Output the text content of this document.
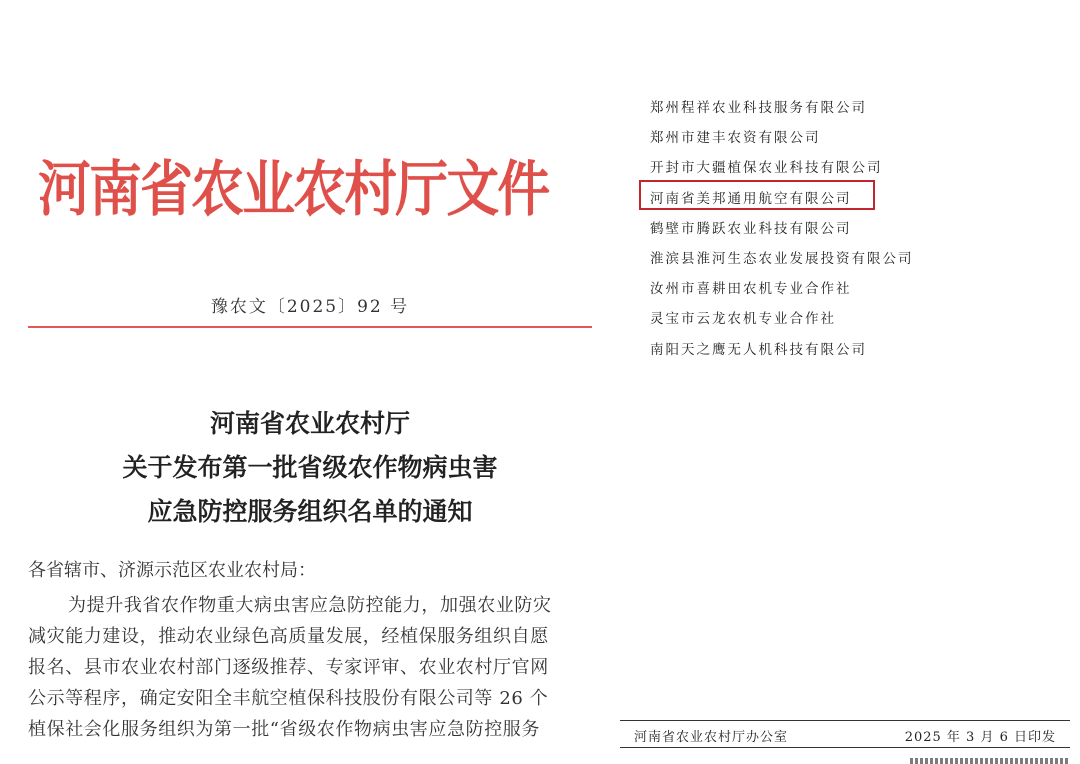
河南省农业农村厅文件
豫农文〔2025〕92 号
河南省农业农村厅
关于发布第一批省级农作物病虫害
应急防控服务组织名单的通知
各省辖市、济源示范区农业农村局：
为提升我省农作物重大病虫害应急防控能力，加强农业防灾
减灾能力建设，推动农业绿色高质量发展，经植保服务组织自愿
报名、县市农业农村部门逐级推荐、专家评审、农业农村厅官网
公示等程序，确定安阳全丰航空植保科技股份有限公司等 26 个
植保社会化服务组织为第一批“省级农作物病虫害应急防控服务
郑州程祥农业科技服务有限公司
郑州市建丰农资有限公司
开封市大疆植保农业科技有限公司
河南省美邦通用航空有限公司
鹤壁市腾跃农业科技有限公司
淮滨县淮河生态农业发展投资有限公司
汝州市喜耕田农机专业合作社
灵宝市云龙农机专业合作社
南阳天之鹰无人机科技有限公司
河南省农业农村厅办公室	2025 年 3 月 6 日印发
